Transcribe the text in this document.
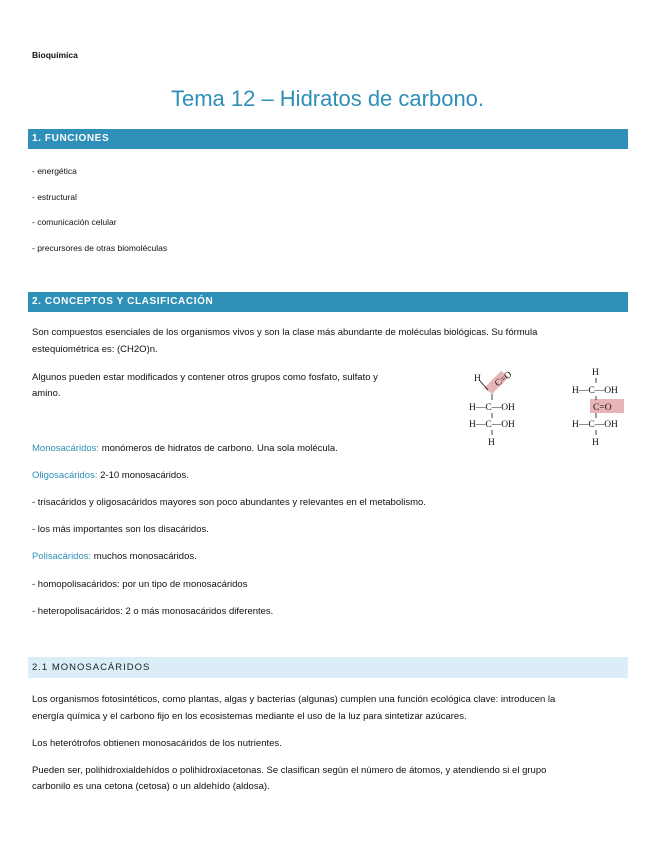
Bioquímica
Tema 12 – Hidratos de carbono.
1. FUNCIONES
- energética
- estructural
- comunicación celular
- precursores de otras biomoléculas
2. CONCEPTOS Y CLASIFICACIÓN
Son compuestos esenciales de los organismos vivos y son la clase más abundante de moléculas biológicas. Su fórmula
estequiométrica es: (CH2O)n.
Algunos pueden estar modificados y contener otros grupos como fosfato, sulfato y
amino.
H C=O
H—C—OH
H—C—OH
H
H
H—C—OH
C=O
H—C—OH
H
Monosacáridos: monómeros de hidratos de carbono. Una sola molécula.
Oligosacáridos: 2-10 monosacáridos.
- trisacáridos y oligosacáridos mayores son poco abundantes y relevantes en el metabolismo.
- los más importantes son los disacáridos.
Polisacáridos: muchos monosacáridos.
- homopolisacáridos: por un tipo de monosacáridos
- heteropolisacáridos: 2 o más monosacáridos diferentes.
2.1 MONOSACÁRIDOS
Los organismos fotosintéticos, como plantas, algas y bacterias (algunas) cumplen una función ecológica clave: introducen la
energía química y el carbono fijo en los ecosistemas mediante el uso de la luz para sintetizar azúcares.
Los heterótrofos obtienen monosacáridos de los nutrientes.
Pueden ser, polihidroxialdehídos o polihidroxiacetonas. Se clasifican según el número de átomos, y atendiendo si el grupo
carbonilo es una cetona (cetosa) o un aldehído (aldosa).
